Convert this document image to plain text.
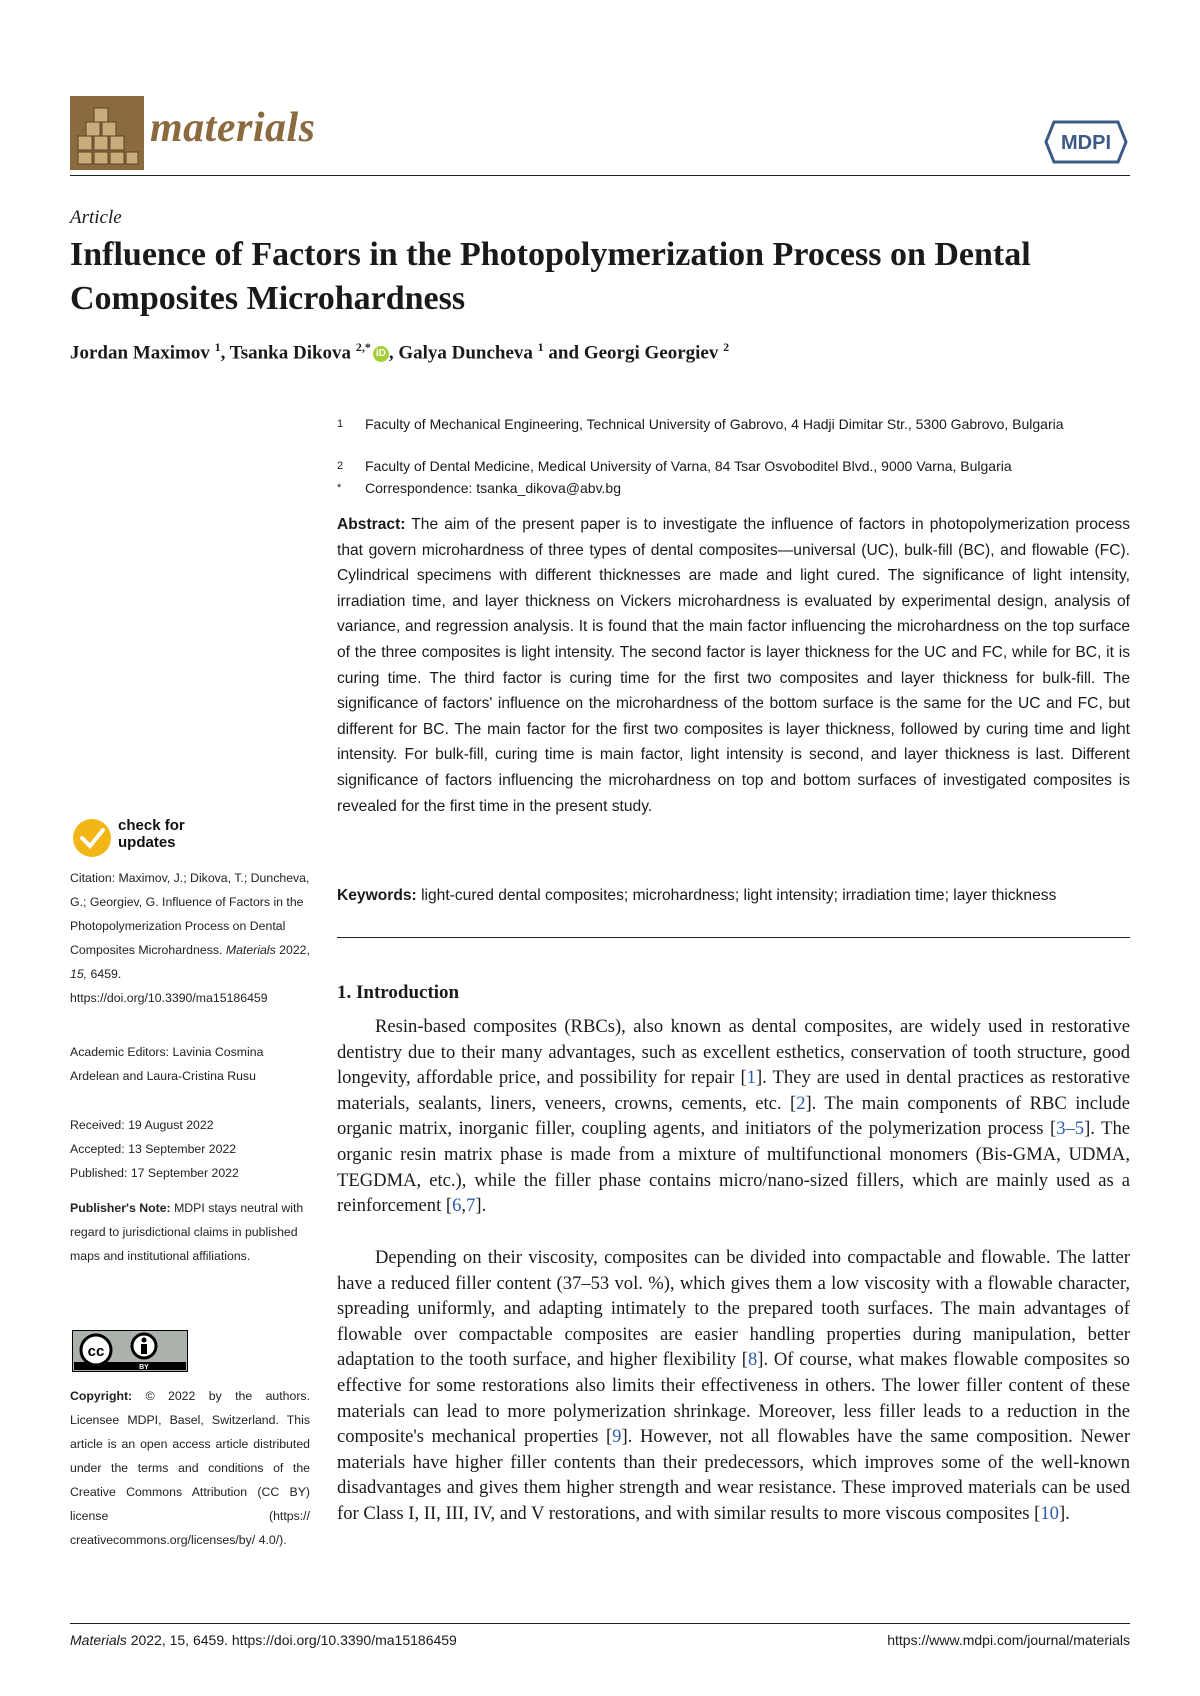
materials	MDPI
Article
Influence of Factors in the Photopolymerization Process on Dental Composites Microhardness
Jordan Maximov $^1$, Tsanka Dikova $^{2,*}$ iD , Galya Duncheva $^1$ and Georgi Georgiev $^2$
1 Faculty of Mechanical Engineering, Technical University of Gabrovo, 4 Hadji Dimitar Str., 5300 Gabrovo, Bulgaria
2 Faculty of Dental Medicine, Medical University of Varna, 84 Tsar Osvoboditel Blvd., 9000 Varna, Bulgaria
* Correspondence: tsanka_dikova@abv.bg
Abstract: The aim of the present paper is to investigate the influence of factors in photopolymerization process that govern microhardness of three types of dental composites—universal (UC), bulk-fill (BC), and flowable (FC). Cylindrical specimens with different thicknesses are made and light cured. The significance of light intensity, irradiation time, and layer thickness on Vickers microhardness is evaluated by experimental design, analysis of variance, and regression analysis. It is found that the main factor influencing the microhardness on the top surface of the three composites is light intensity. The second factor is layer thickness for the UC and FC, while for BC, it is curing time. The third factor is curing time for the first two composites and layer thickness for bulk-fill. The significance of factors' influence on the microhardness of the bottom surface is the same for the UC and FC, but different for BC. The main factor for the first two composites is layer thickness, followed by curing time and light intensity. For bulk-fill, curing time is main factor, light intensity is second, and layer thickness is last. Different significance of factors influencing the microhardness on top and bottom surfaces of investigated composites is revealed for the first time in the present study.
Keywords: light-cured dental composites; microhardness; light intensity; irradiation time; layer thickness
1. Introduction

Resin-based composites (RBCs), also known as dental composites, are widely used in restorative dentistry due to their many advantages, such as excellent esthetics, conservation of tooth structure, good longevity, affordable price, and possibility for repair [1]. They are used in dental practices as restorative materials, sealants, liners, veneers, crowns, cements, etc. [2]. The main components of RBC include organic matrix, inorganic filler, coupling agents, and initiators of the polymerization process [3–5]. The organic resin matrix phase is made from a mixture of multifunctional monomers (Bis-GMA, UDMA, TEGDMA, etc.), while the filler phase contains micro/nano-sized fillers, which are mainly used as a reinforcement [6,7].

Depending on their viscosity, composites can be divided into compactable and flowable. The latter have a reduced filler content (37–53 vol. %), which gives them a low viscosity with a flowable character, spreading uniformly, and adapting intimately to the prepared tooth surfaces. The main advantages of flowable over compactable composites are easier handling properties during manipulation, better adaptation to the tooth surface, and higher flexibility [8]. Of course, what makes flowable composites so effective for some restorations also limits their effectiveness in others. The lower filler content of these materials can lead to more polymerization shrinkage. Moreover, less filler leads to a reduction in the composite's mechanical properties [9]. However, not all flowables have the same composition. Newer materials have higher filler contents than their predecessors, which improves some of the well-known disadvantages and gives them higher strength and wear resistance. These improved materials can be used for Class I, II, III, IV, and V restorations, and with similar results to more viscous composites [10].

check for
updates
Citation: Maximov, J.; Dikova, T.; Duncheva, G.; Georgiev, G. Influence of Factors in the Photopolymerization Process on Dental Composites Microhardness. Materials 2022, 15, 6459. https://doi.org/10.3390/ma15186459
Academic Editors: Lavinia Cosmina Ardelean and Laura-Cristina Rusu
Received: 19 August 2022
Accepted: 13 September 2022
Published: 17 September 2022
Publisher's Note: MDPI stays neutral with regard to jurisdictional claims in published maps and institutional affiliations.
cc
BY
Copyright: © 2022 by the authors. Licensee MDPI, Basel, Switzerland. This article is an open access article distributed under the terms and conditions of the Creative Commons Attribution (CC BY) license (https:// creativecommons.org/licenses/by/ 4.0/).
Materials 2022, 15, 6459. https://doi.org/10.3390/ma15186459	https://www.mdpi.com/journal/materials
